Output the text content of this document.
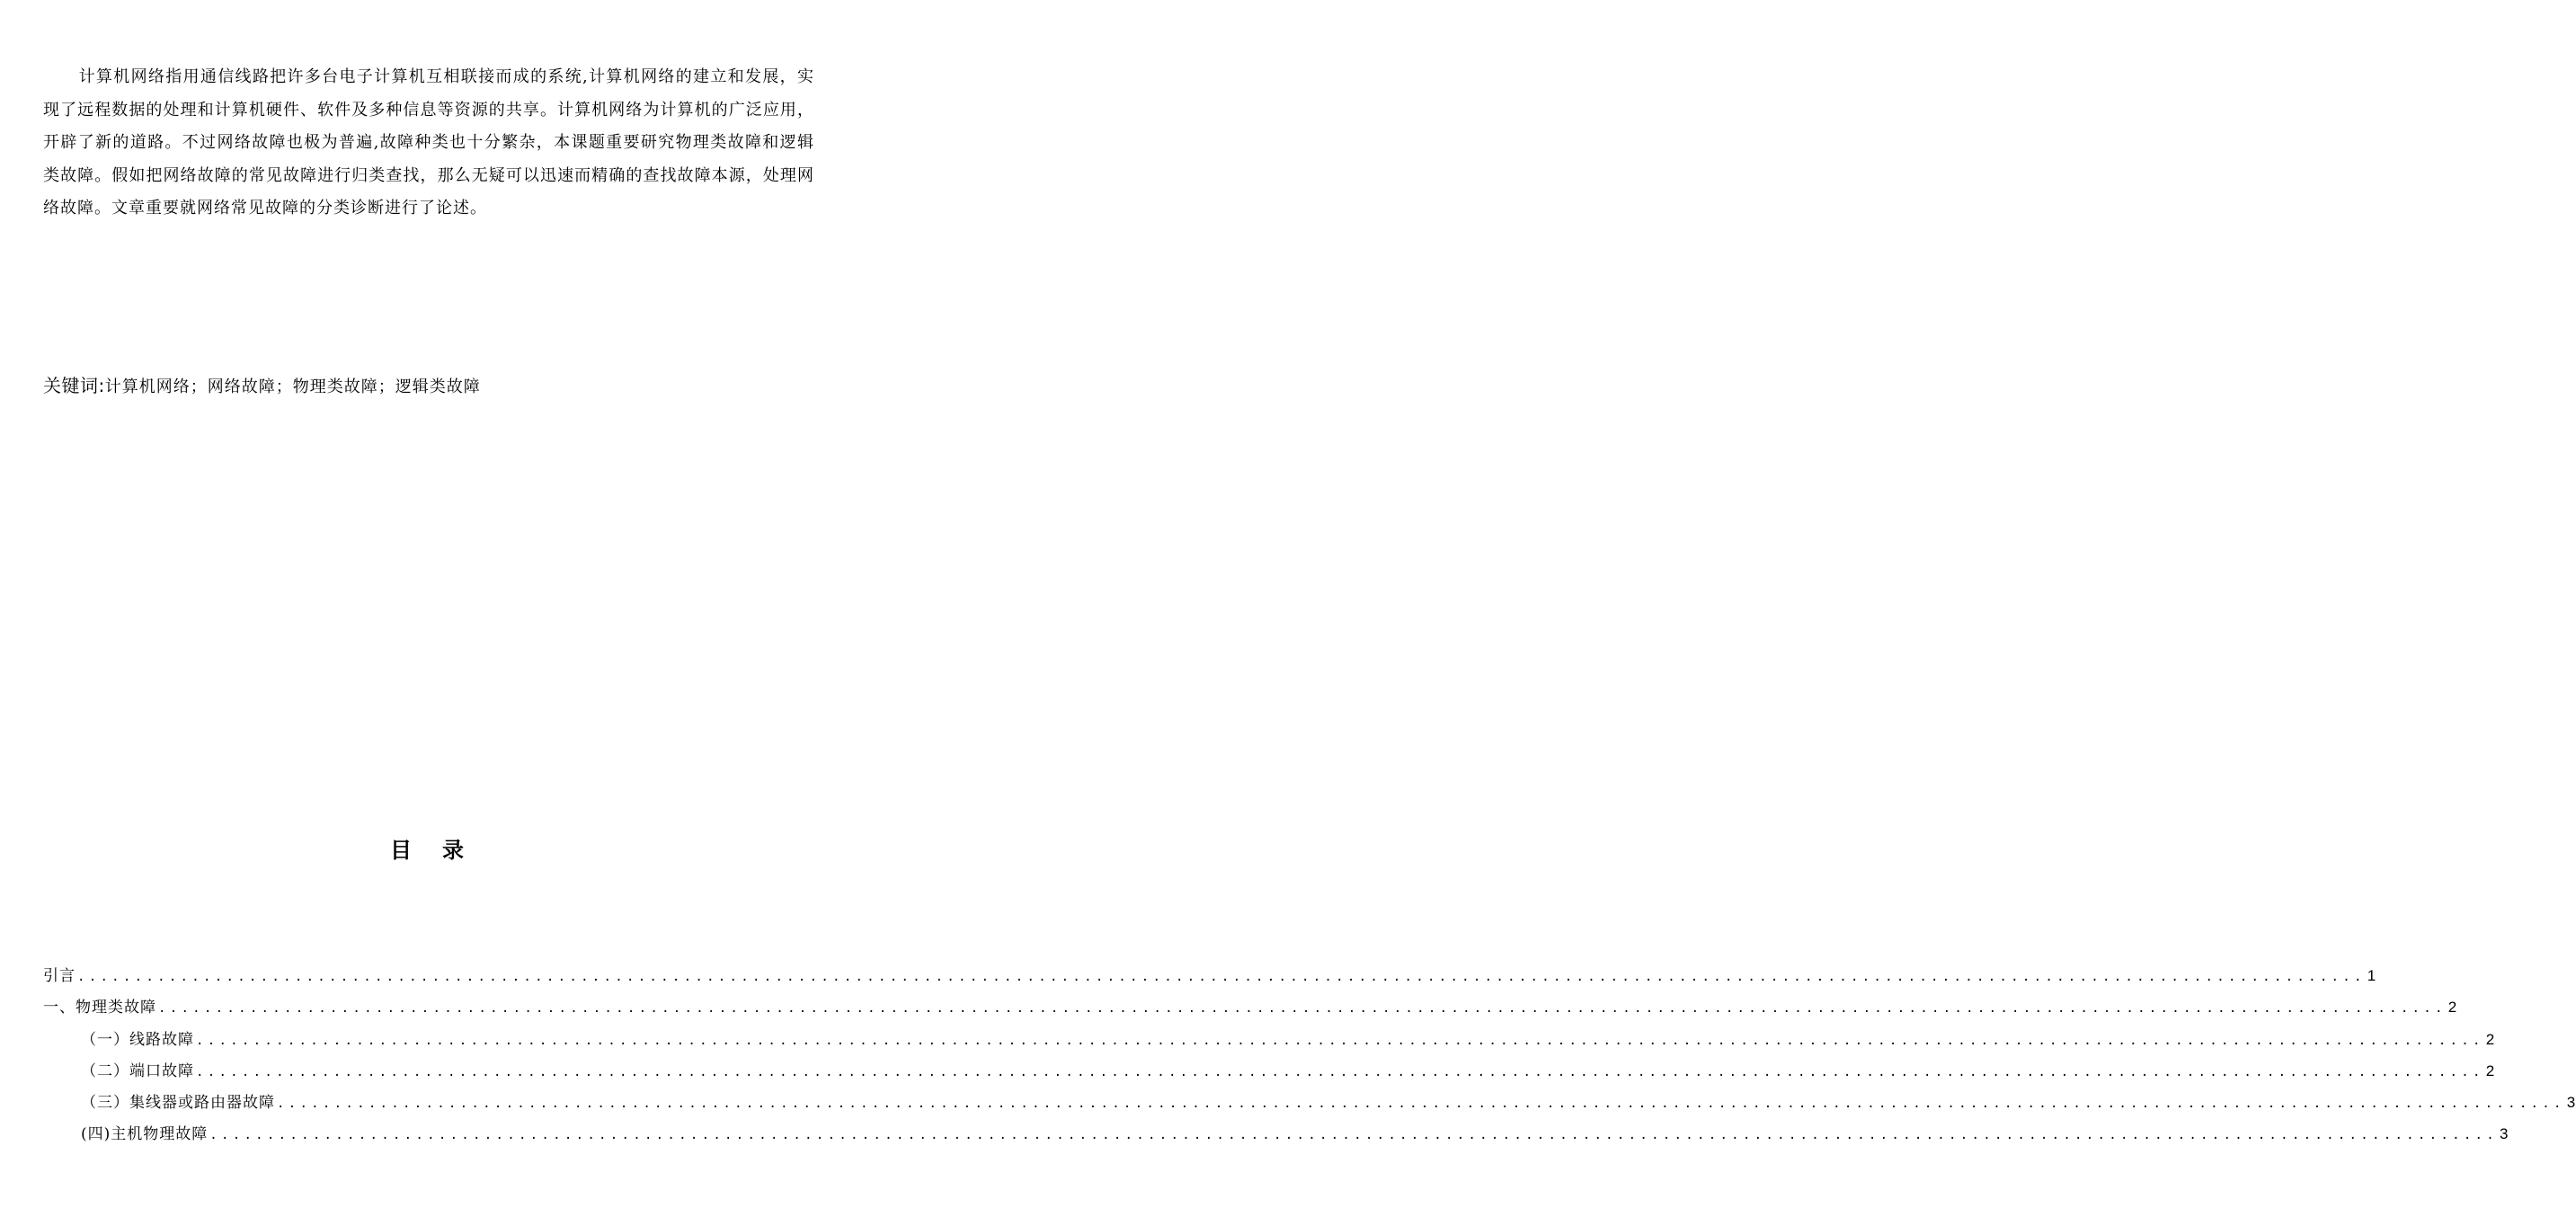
计算机网络指用通信线路把许多台电子计算机互相联接而成的系统,计算机网络的建立和发展，实现了远程数据的处理和计算机硬件、软件及多种信息等资源的共享。计算机网络为计算机的广泛应用，开辟了新的道路。不过网络故障也极为普遍,故障种类也十分繁杂，本课题重要研究物理类故障和逻辑类故障。假如把网络故障的常见故障进行归类查找，那么无疑可以迅速而精确的查找故障本源，处理网络故障。文章重要就网络常见故障的分类诊断进行了论述。

关键词:计算机网络；网络故障；物理类故障；逻辑类故障
目录
引言 ........................................................................................................................................................................................................ 1
一、物理类故障 ........................................................................................................................................................................................................ 2
（一）线路故障 ........................................................................................................................................................................................................ 2
（二）端口故障 ........................................................................................................................................................................................................ 2
（三）集线器或路由器故障 ........................................................................................................................................................................................................ 3
(四)主机物理故障 ........................................................................................................................................................................................................ 3
